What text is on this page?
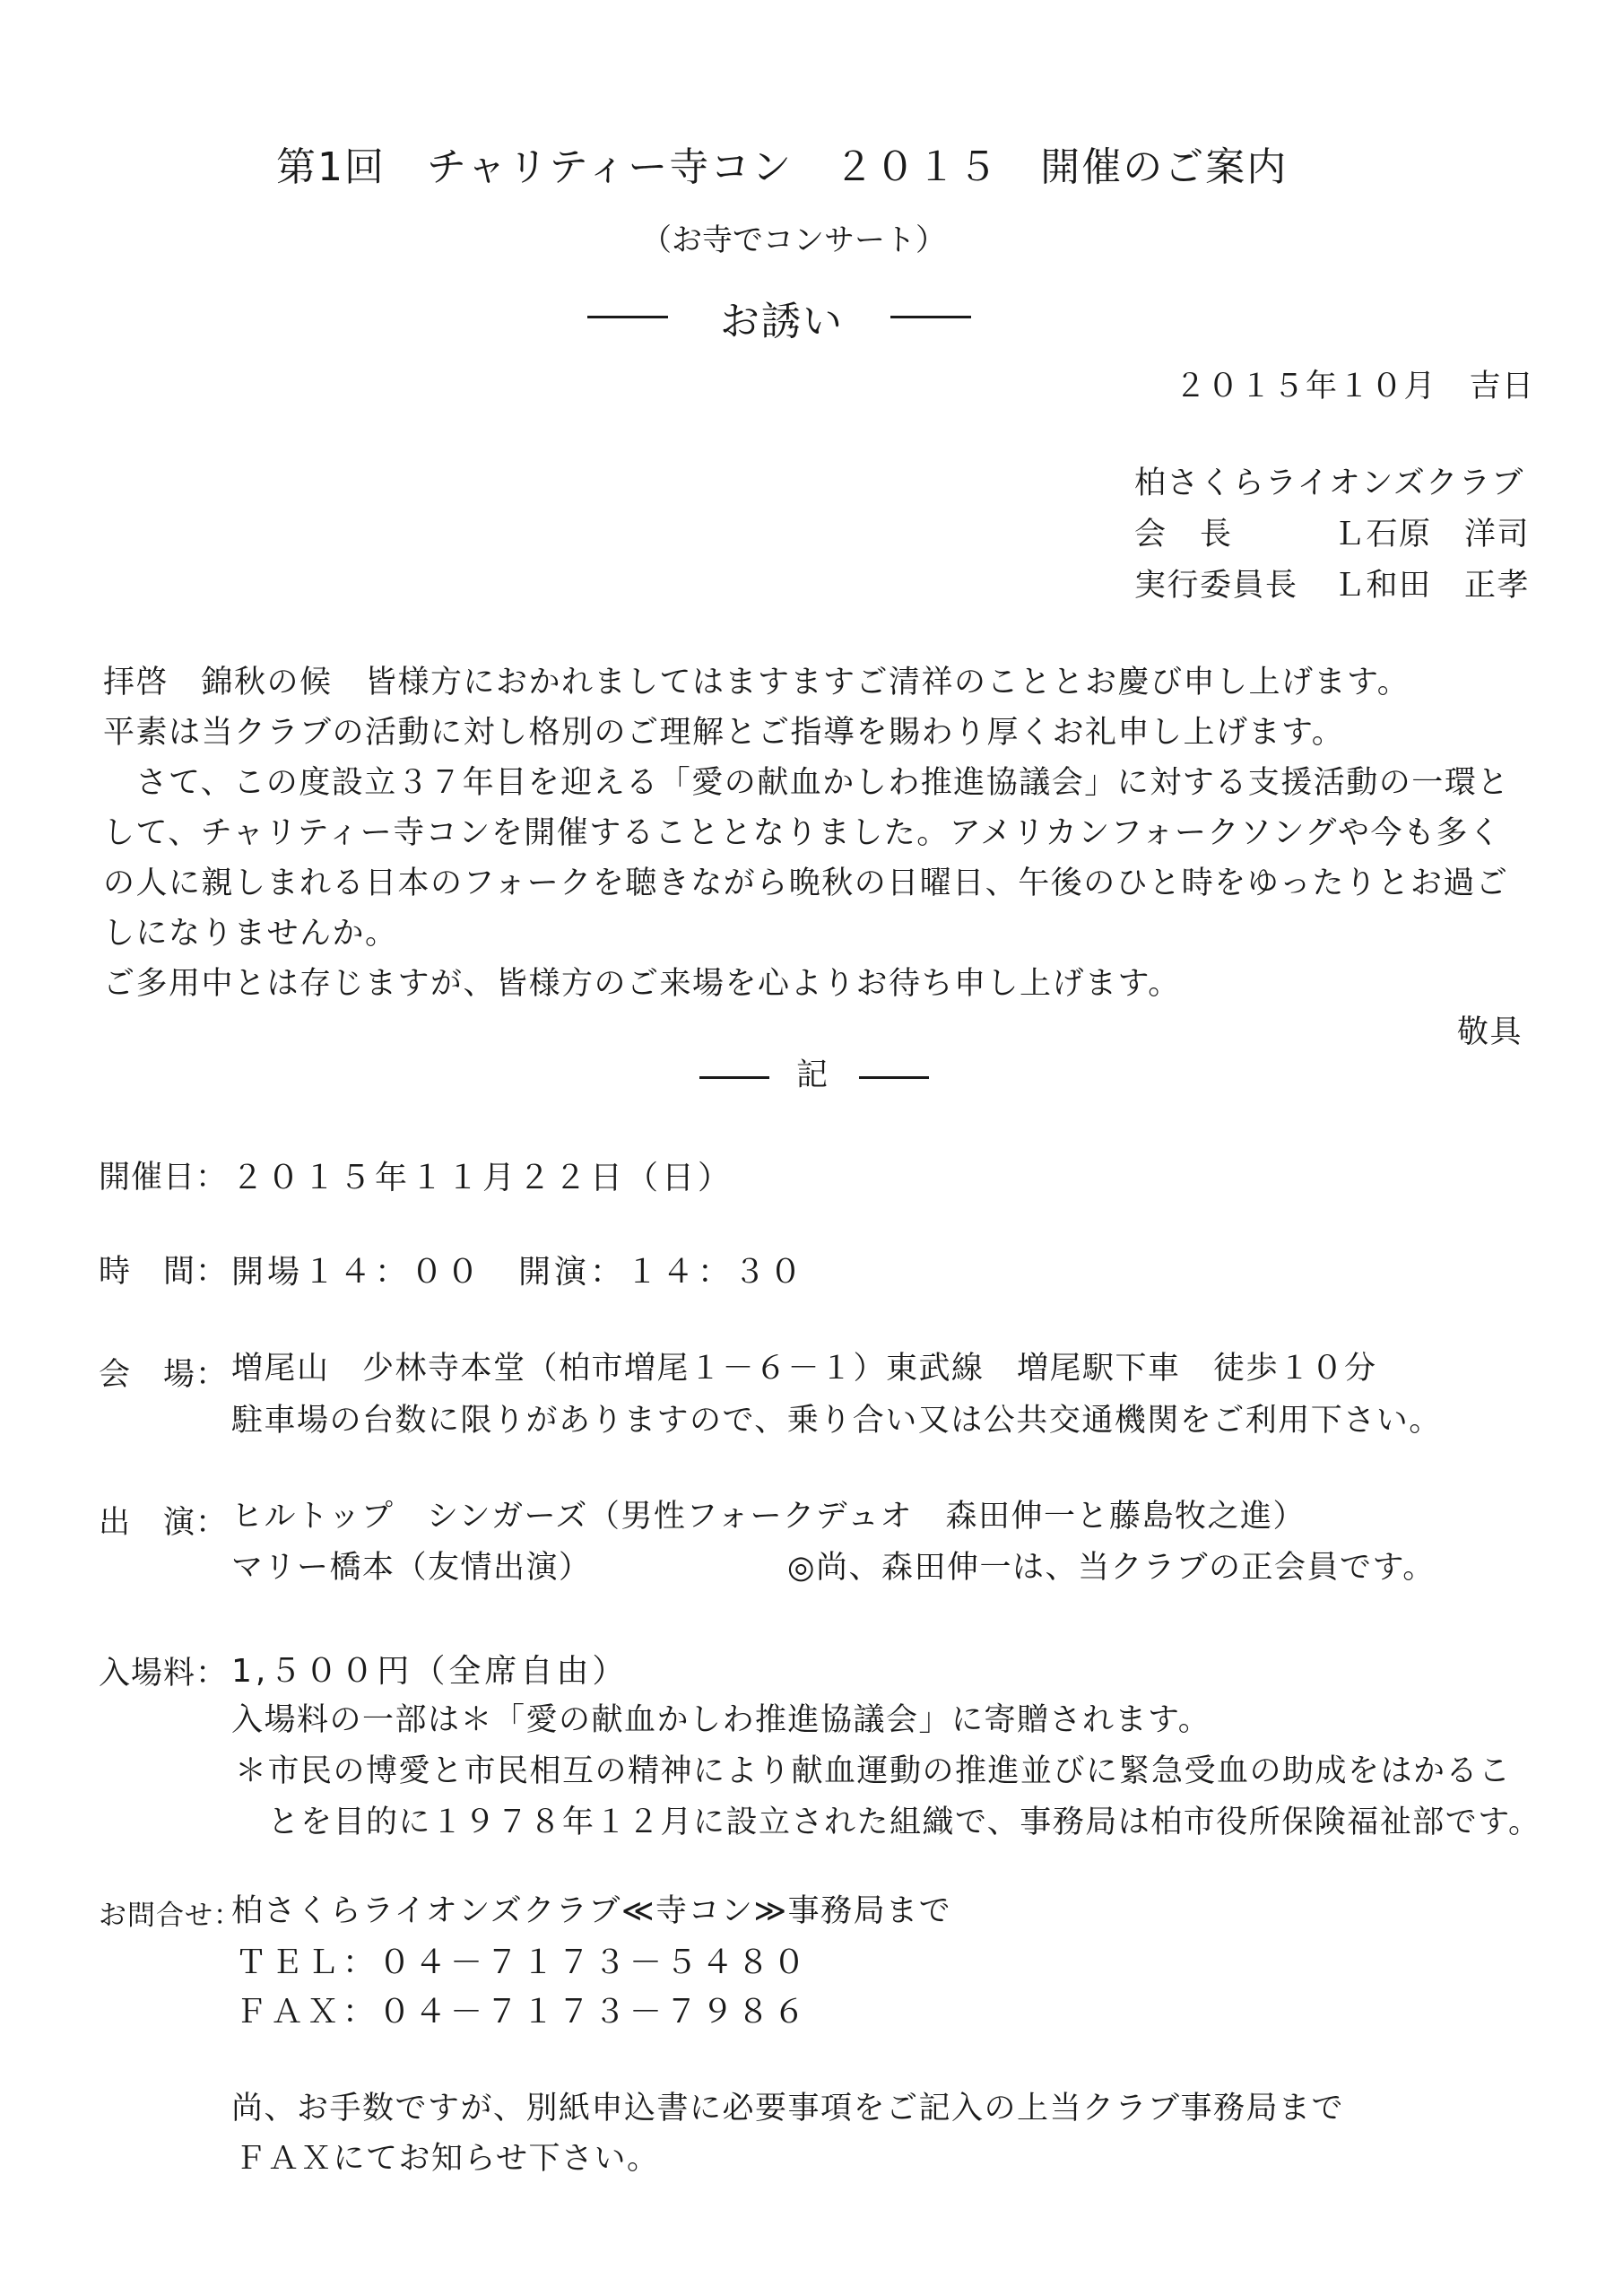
第1回　チャリティー寺コン　２０１５　開催のご案内
（お寺でコンサート）
お誘い
２０１５年１０月　吉日
柏さくらライオンズクラブ
会　長	Ｌ石原　洋司
実行委員長 Ｌ和田　正孝
拝啓　錦秋の候　皆様方におかれましてはますますご清祥のこととお慶び申し上げます。
平素は当クラブの活動に対し格別のご理解とご指導を賜わり厚くお礼申し上げます。
　さて、この度設立３７年目を迎える「愛の献血かしわ推進協議会」に対する支援活動の一環と
して、チャリティー寺コンを開催することとなりました。アメリカンフォークソングや今も多く
の人に親しまれる日本のフォークを聴きながら晩秋の日曜日、午後のひと時をゆったりとお過ご
しになりませんか。
ご多用中とは存じますが、皆様方のご来場を心よりお待ち申し上げます。
敬具
記
開催日： ２０１５年１１月２２日（日）
時　間： 開場１４：００　開演：１４：３０
会　場： 増尾山　少林寺本堂（柏市増尾１－６－１）東武線　増尾駅下車　徒歩１０分
駐車場の台数に限りがありますので、乗り合い又は公共交通機関をご利用下さい。
出　演： ヒルトップ　シンガーズ（男性フォークデュオ　森田伸一と藤島牧之進）
マリー橋本（友情出演）	◎尚、森田伸一は、当クラブの正会員です。
入場料： 1,５００円（全席自由）
入場料の一部は＊「愛の献血かしわ推進協議会」に寄贈されます。
＊市民の博愛と市民相互の精神により献血運動の推進並びに緊急受血の助成をはかるこ
　とを目的に１９７８年１２月に設立された組織で、事務局は柏市役所保険福祉部です。
お問合せ：
柏さくらライオンズクラブ≪寺コン≫事務局まで
ＴＥＬ：０４－７１７３－５４８０
ＦＡＸ：０４－７１７３－７９８６
尚、お手数ですが、別紙申込書に必要事項をご記入の上当クラブ事務局まで
ＦＡＸにてお知らせ下さい。
